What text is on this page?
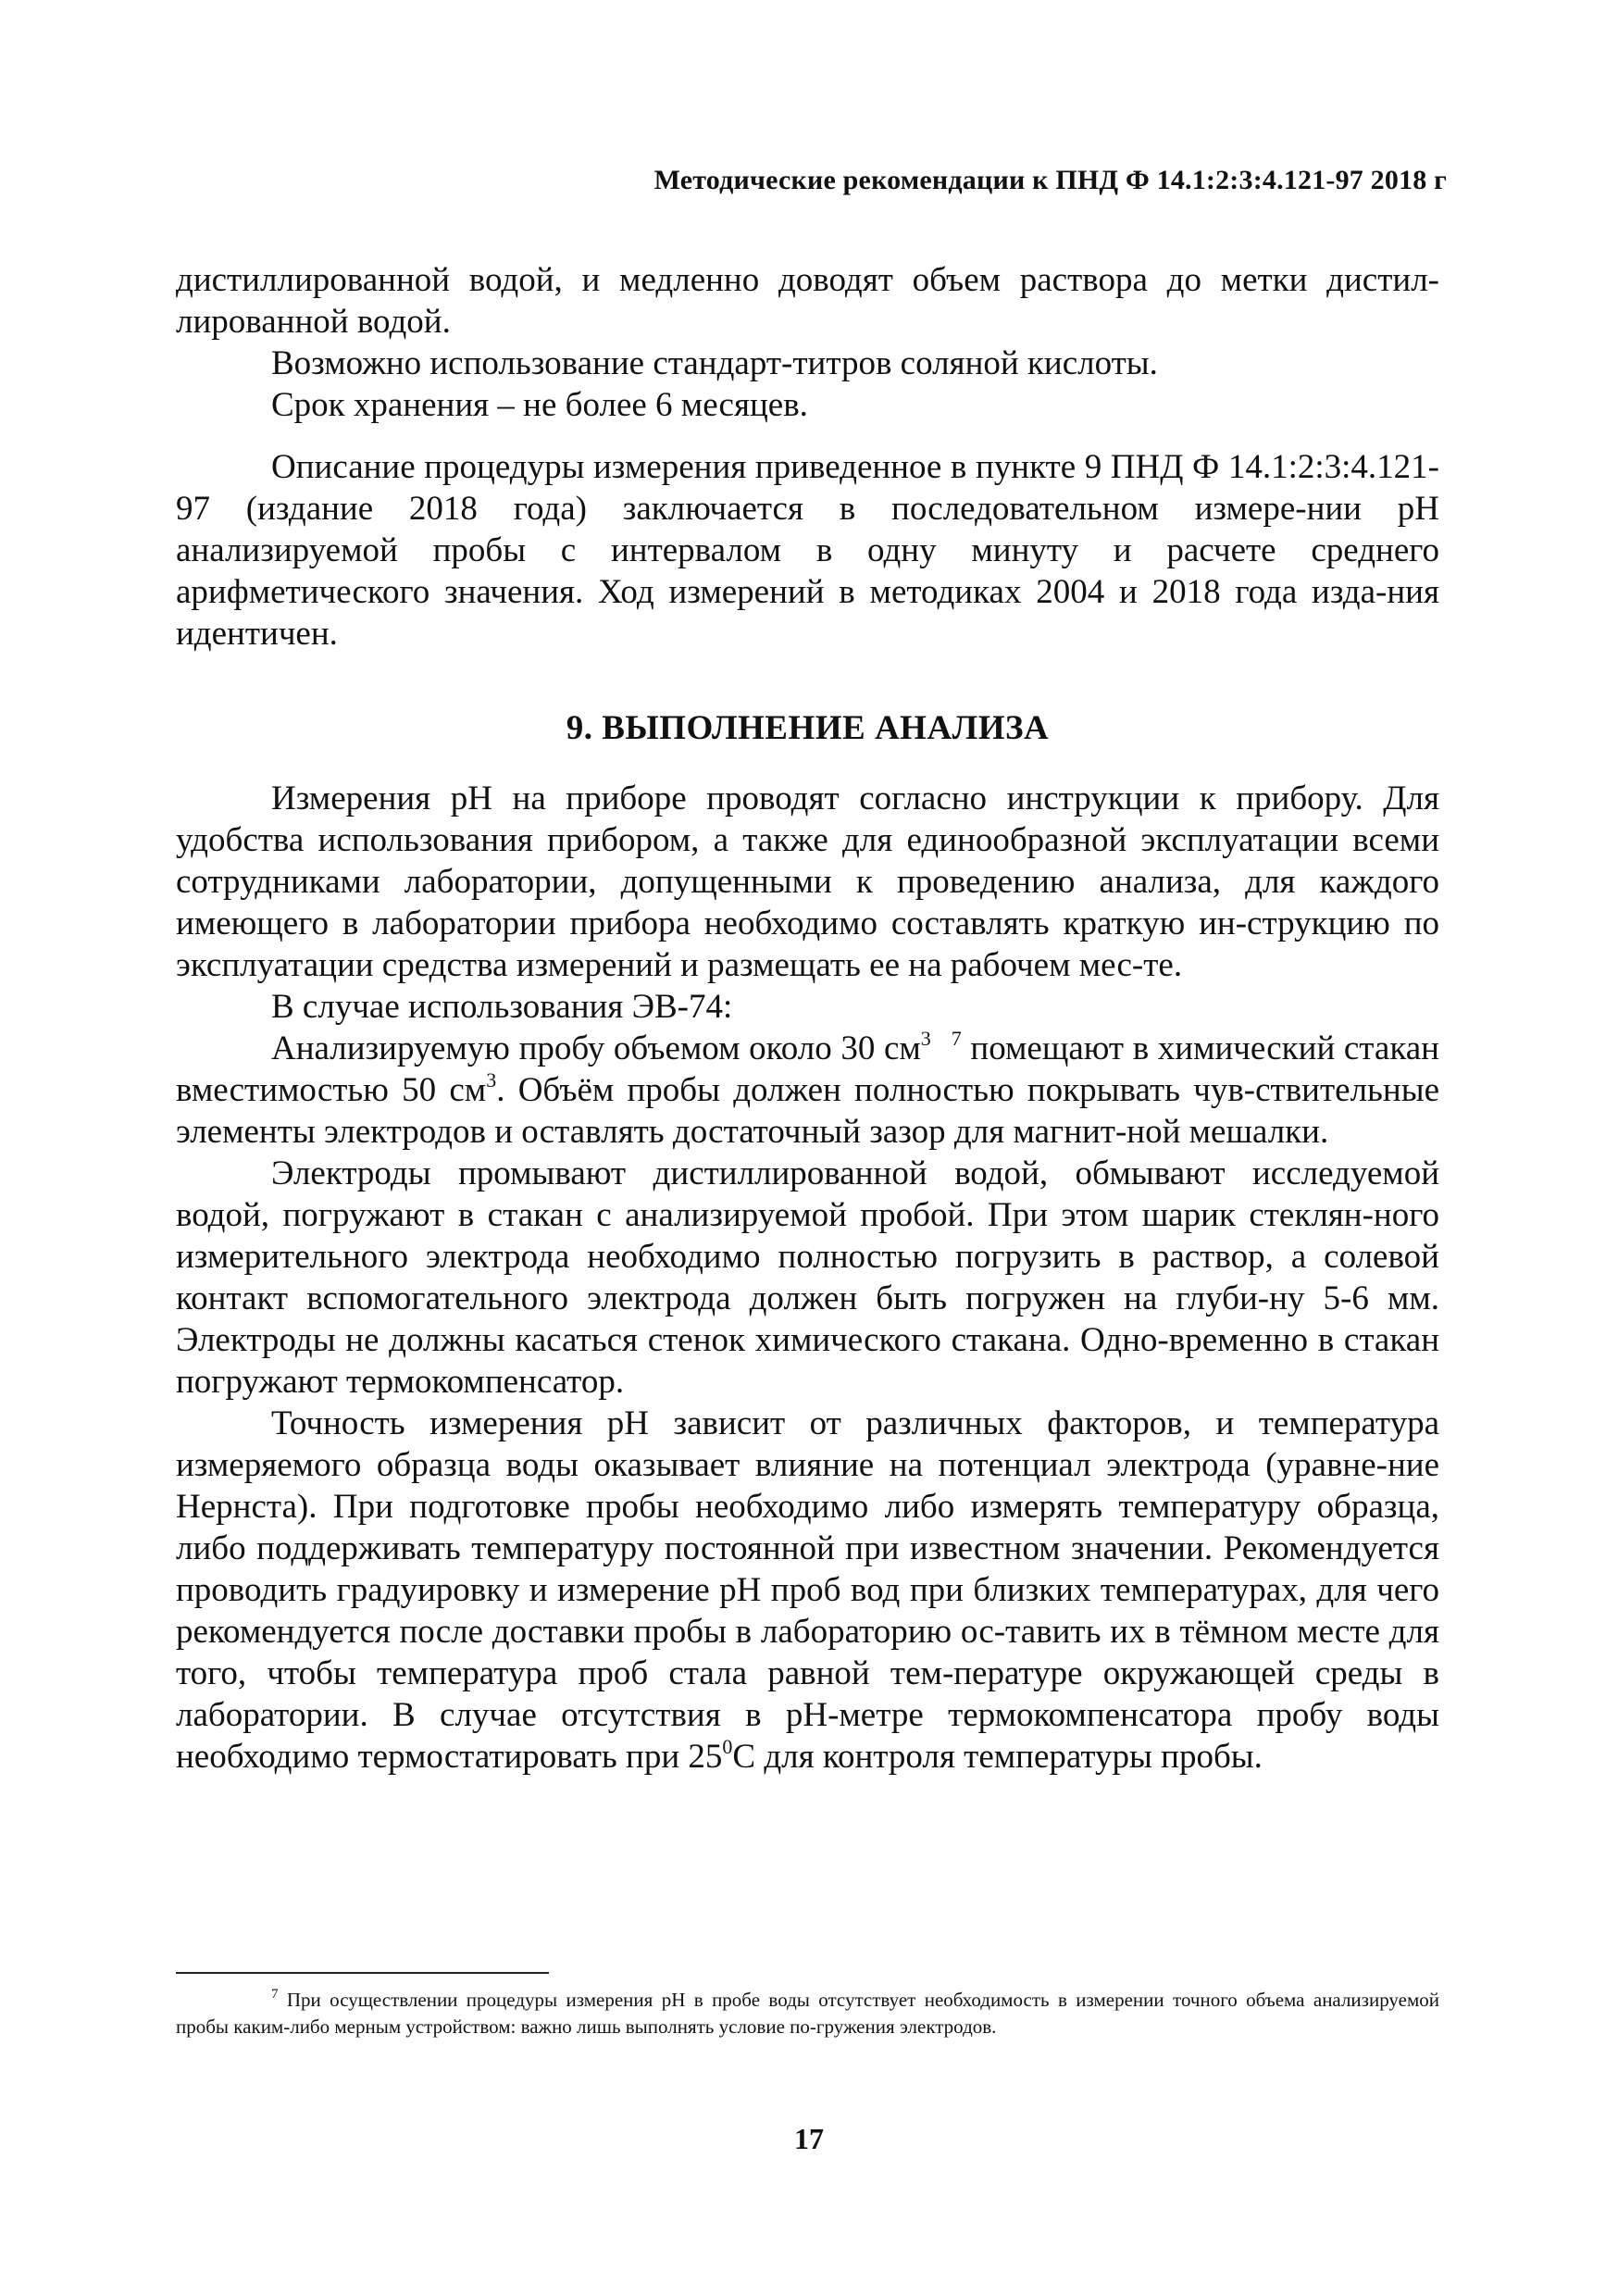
Методические рекомендации к ПНД Ф 14.1:2:3:4.121-97 2018 г

дистиллированной водой, и медленно доводят объем раствора до метки дистил-лированной водой.

Возможно использование стандарт-титров соляной кислоты.

Срок хранения – не более 6 месяцев.

Описание процедуры измерения приведенное в пункте 9 ПНД Ф 14.1:2:3:4.121-97 (издание 2018 года) заключается в последовательном измере-нии рН анализируемой пробы с интервалом в одну минуту и расчете среднего арифметического значения. Ход измерений в методиках 2004 и 2018 года изда-ния идентичен.

9. ВЫПОЛНЕНИЕ АНАЛИЗА

Измерения рН на приборе проводят согласно инструкции к прибору. Для удобства использования прибором, а также для единообразной эксплуатации всеми сотрудниками лаборатории, допущенными к проведению анализа, для каждого имеющего в лаборатории прибора необходимо составлять краткую ин-струкцию по эксплуатации средства измерений и размещать ее на рабочем мес-те.

В случае использования ЭВ-74:

Анализируемую пробу объемом около 30 $см^3$ $^7$ помещают в химический стакан вместимостью 50 $см^3$. Объём пробы должен полностью покрывать чув-ствительные элементы электродов и оставлять достаточный зазор для магнит-ной мешалки.

Электроды промывают дистиллированной водой, обмывают исследуемой водой, погружают в стакан с анализируемой пробой. При этом шарик стеклян-ного измерительного электрода необходимо полностью погрузить в раствор, а солевой контакт вспомогательного электрода должен быть погружен на глуби-ну 5-6 мм. Электроды не должны касаться стенок химического стакана. Одно-временно в стакан погружают термокомпенсатор.

Точность измерения рН зависит от различных факторов, и температура измеряемого образца воды оказывает влияние на потенциал электрода (уравне-ние Нернста). При подготовке пробы необходимо либо измерять температуру образца, либо поддерживать температуру постоянной при известном значении. Рекомендуется проводить градуировку и измерение рН проб вод при близких температурах, для чего рекомендуется после доставки пробы в лабораторию ос-тавить их в тёмном месте для того, чтобы температура проб стала равной тем-пературе окружающей среды в лаборатории. В случае отсутствия в рН-метре термокомпенсатора пробу воды необходимо термостатировать при $25^0С$ для контроля температуры пробы.

$^7$ При осуществлении процедуры измерения рН в пробе воды отсутствует необходимость в измерении точного объема анализируемой пробы каким-либо мерным устройством: важно лишь выполнять условие по-гружения электродов.
17
